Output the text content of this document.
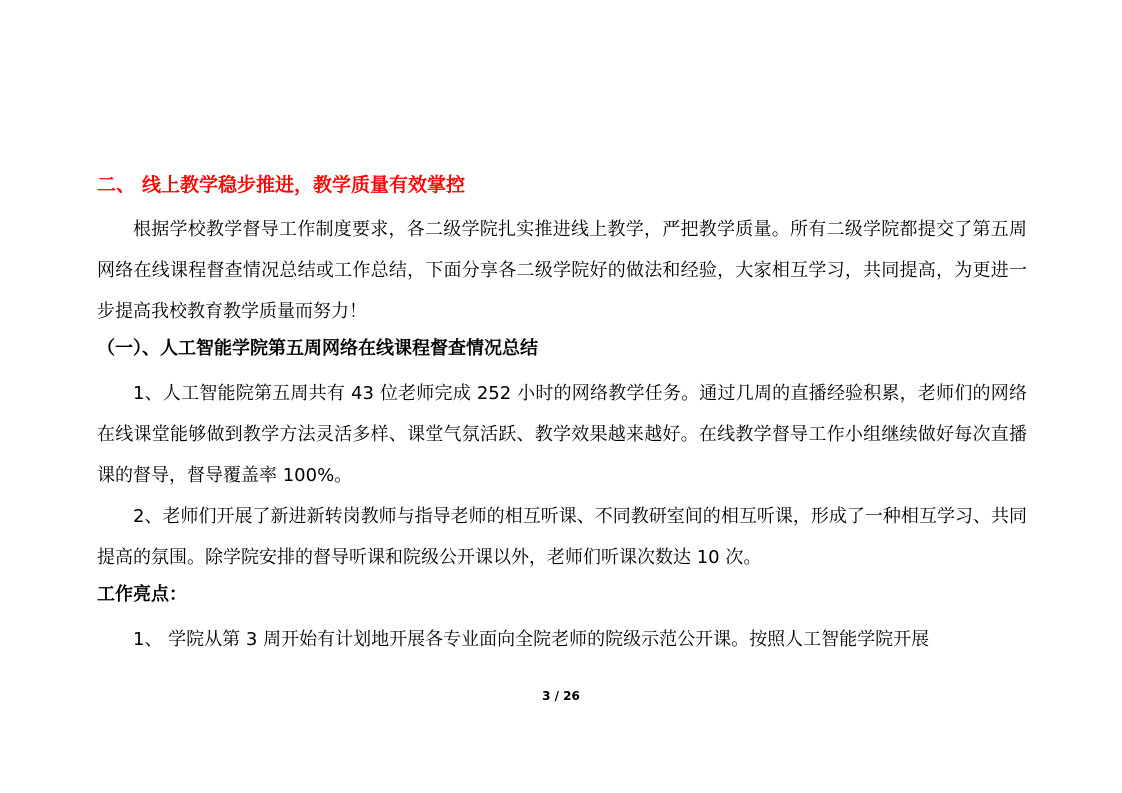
二、 线上教学稳步推进，教学质量有效掌控

根据学校教学督导工作制度要求，各二级学院扎实推进线上教学，严把教学质量。所有二级学院都提交了第五周网络在线课程督查情况总结或工作总结，下面分享各二级学院好的做法和经验，大家相互学习，共同提高，为更进一步提高我校教育教学质量而努力！

（一）、人工智能学院第五周网络在线课程督查情况总结

1、人工智能院第五周共有 43 位老师完成 252 小时的网络教学任务。通过几周的直播经验积累，老师们的网络在线课堂能够做到教学方法灵活多样、课堂气氛活跃、教学效果越来越好。在线教学督导工作小组继续做好每次直播课的督导，督导覆盖率 100%。

2、老师们开展了新进新转岗教师与指导老师的相互听课、不同教研室间的相互听课，形成了一种相互学习、共同提高的氛围。除学院安排的督导听课和院级公开课以外，老师们听课次数达 10 次。

工作亮点：

1、 学院从第 3 周开始有计划地开展各专业面向全院老师的院级示范公开课。按照人工智能学院开展

3 / 26
